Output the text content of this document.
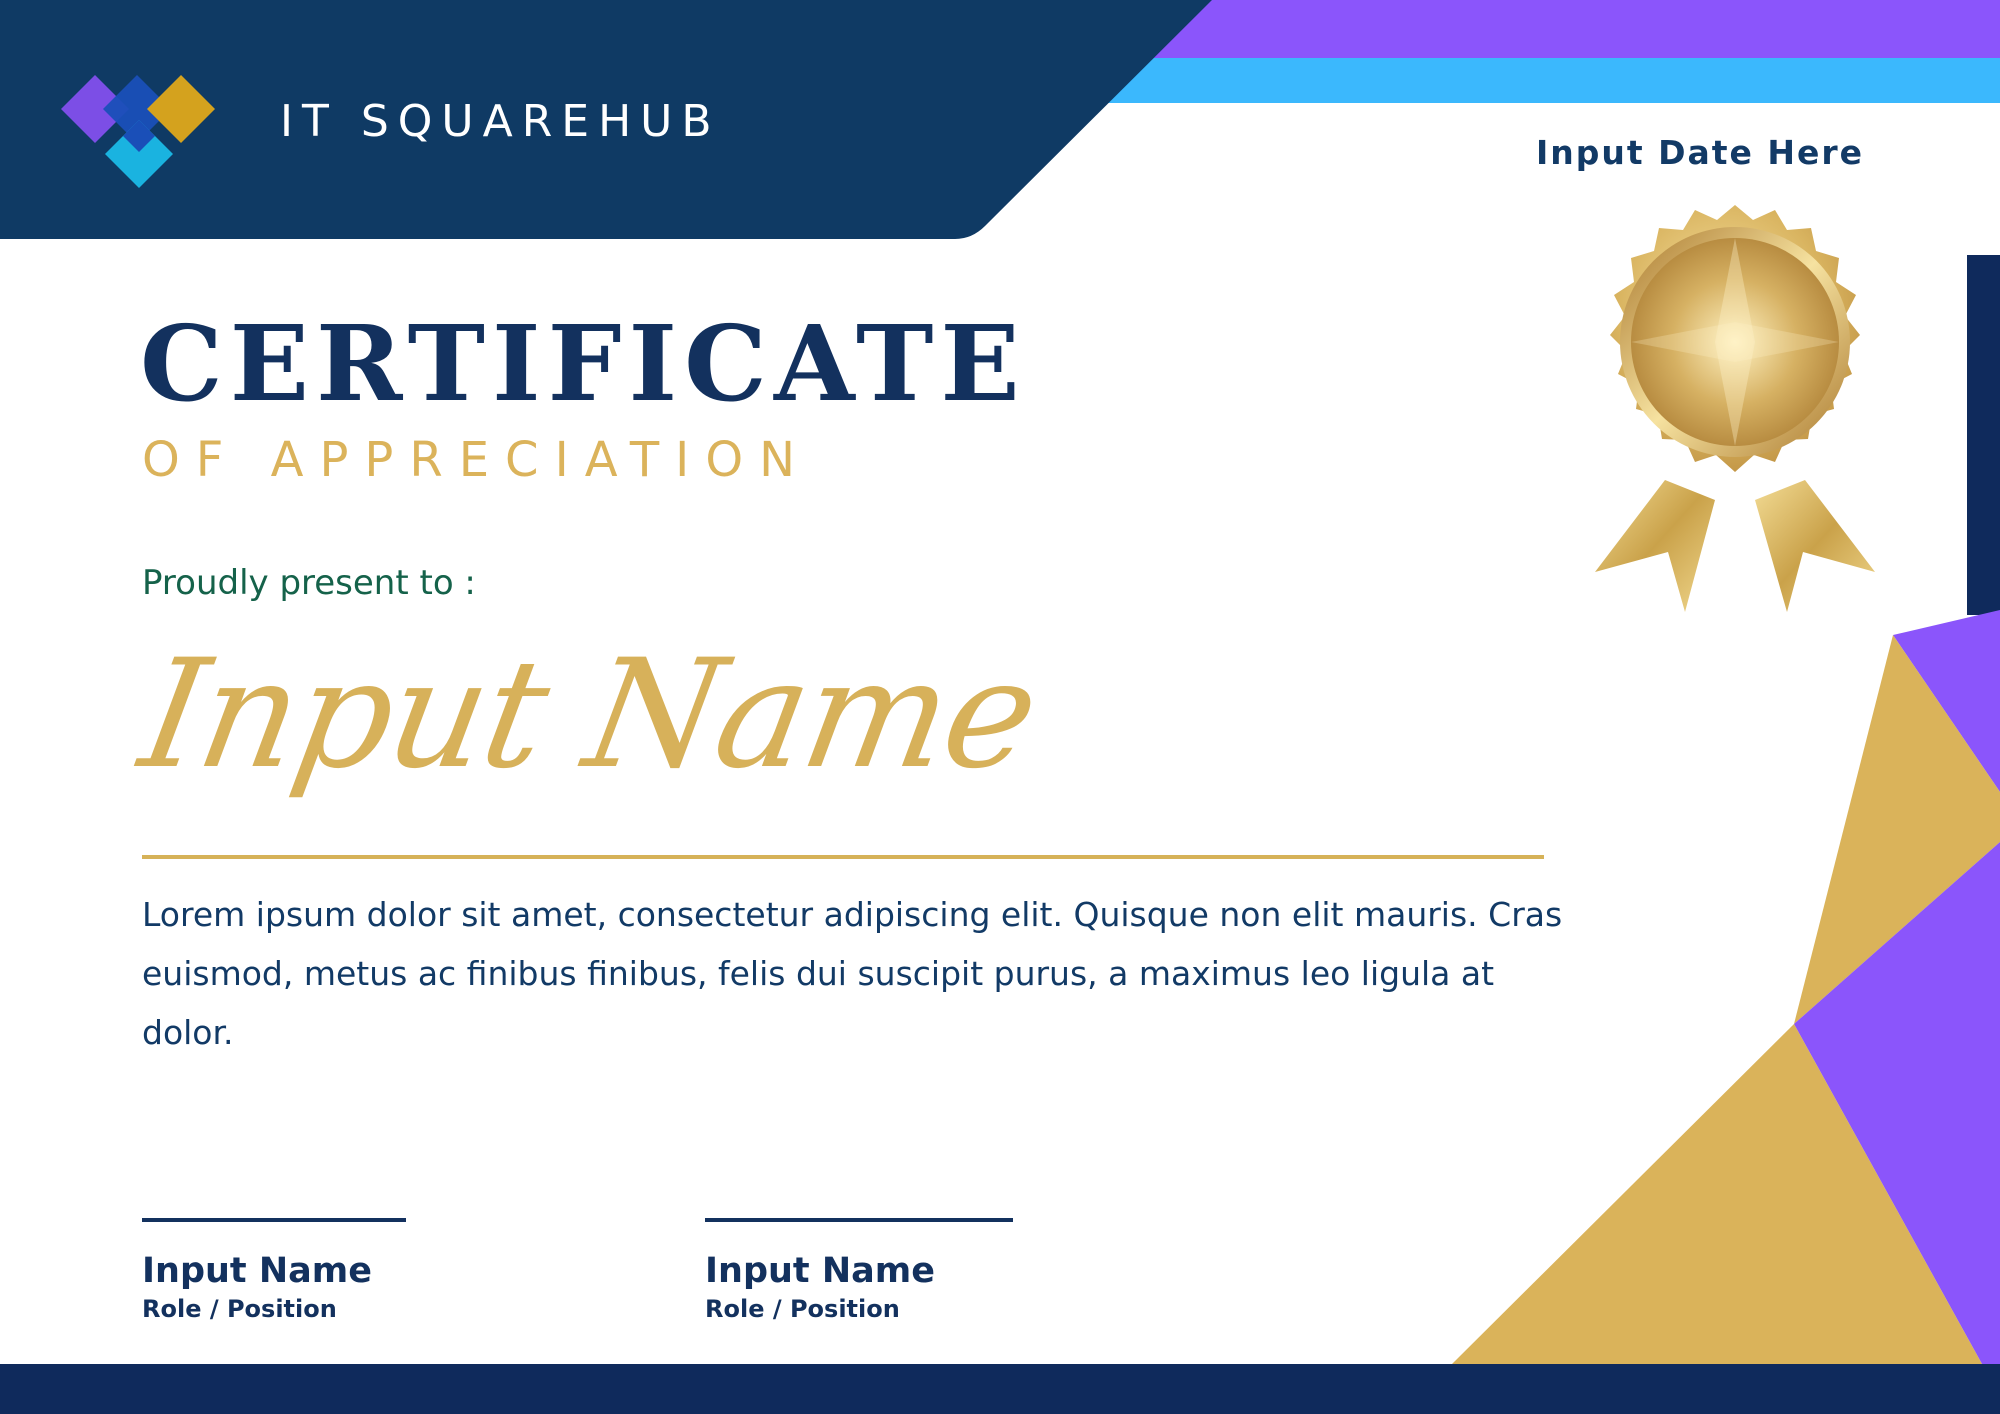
IT SQUAREHUB
Input Date Here
CERTIFICATE
OF APPRECIATION
Proudly present to :
Input Name
Lorem ipsum dolor sit amet, consectetur adipiscing elit. Quisque non elit mauris. Cras euismod, metus ac finibus finibus, felis dui suscipit purus, a maximus leo ligula at dolor.
Input Name
Role / Position
Input Name
Role / Position
